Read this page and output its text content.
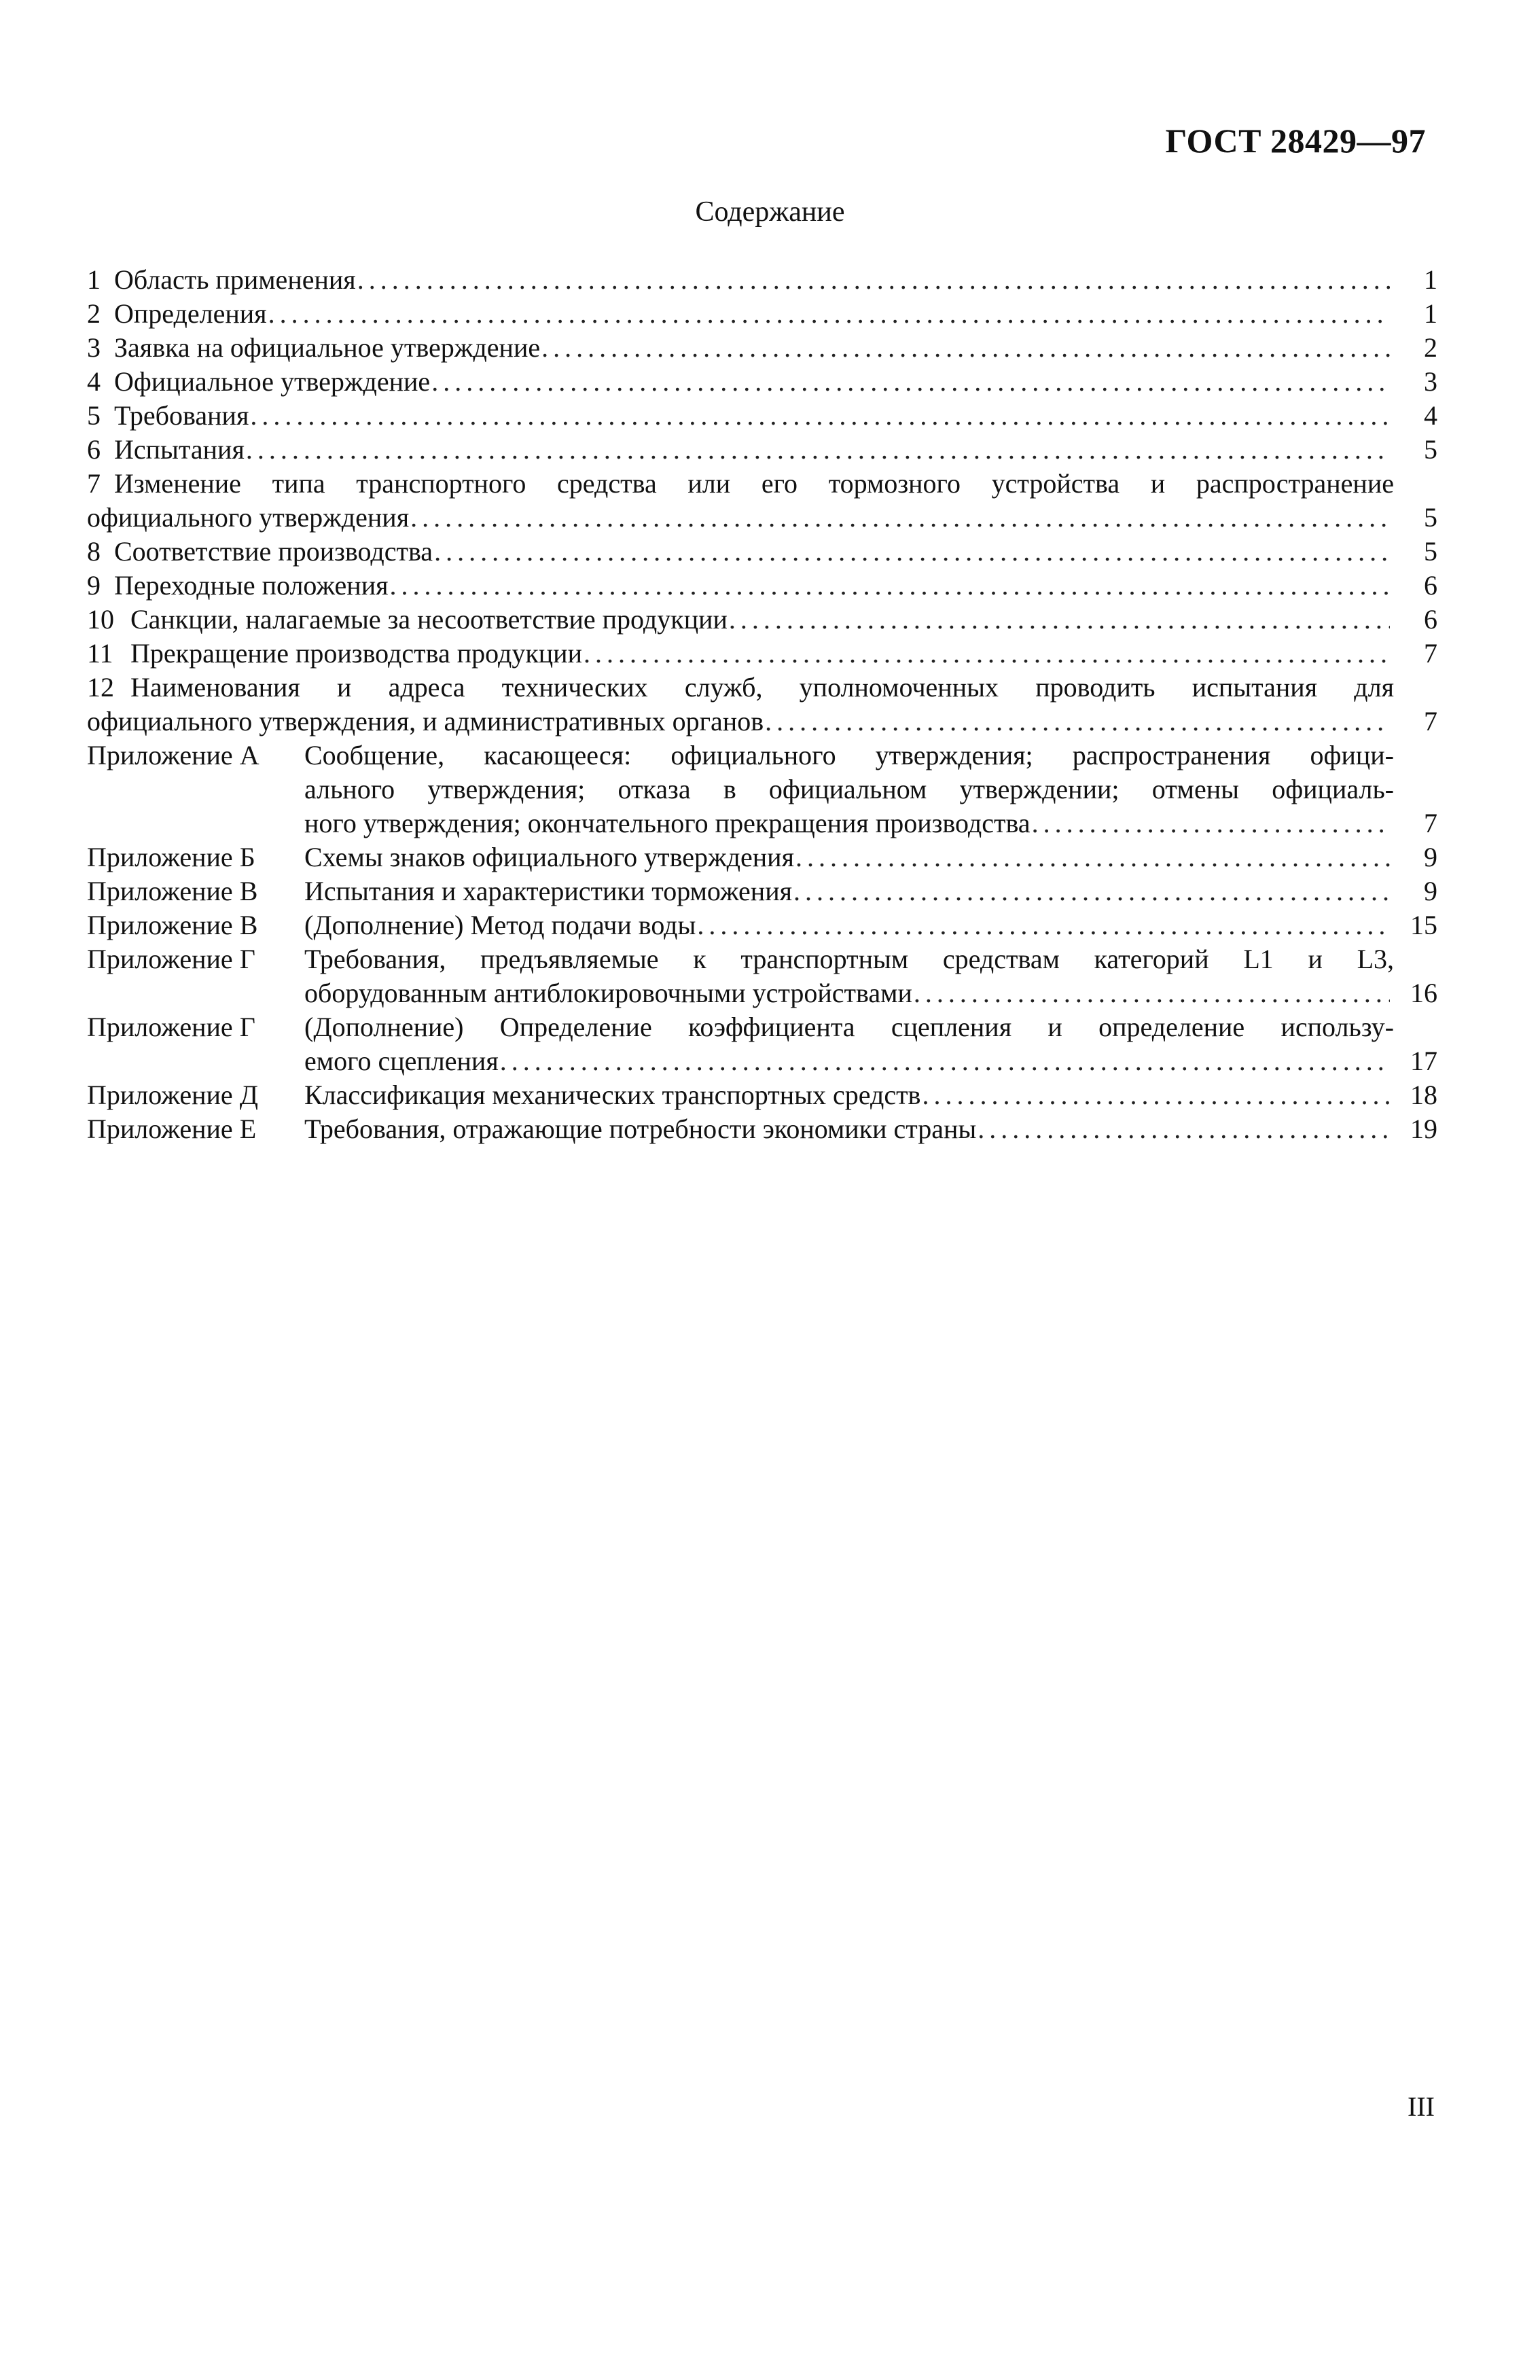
ГОСТ 28429—97
Содержание
1 Область применения .....	1
2 Определения .....	1
3 Заявка на официальное утверждение .....	2
4 Официальное утверждение .....	3
5 Требования .....	4
6 Испытания .....	5
7 Изменение типа транспортного средства или его тормозного устройства и распространение
официального утверждения .....	5
8 Соответствие производства .....	5
9 Переходные положения .....	6
10 Санкции, налагаемые за несоответствие продукции .....	6
11 Прекращение производства продукции .....	7
12 Наименования и адреса технических служб, уполномоченных проводить испытания для
официального утверждения, и административных органов .....	7
Приложение А	Сообщение, касающееся: официального утверждения; распространения офици-
ального утверждения; отказа в официальном утверждении; отмены официаль-
ного утверждения; окончательного прекращения производства .....	7
Приложение Б	Схемы знаков официального утверждения .....	9
Приложение В	Испытания и характеристики торможения .....	9
Приложение В	(Дополнение) Метод подачи воды .....	15
Приложение Г	Требования, предъявляемые к транспортным средствам категорий L1 и L3,
оборудованным антиблокировочными устройствами .....	16
Приложение Г	(Дополнение) Определение коэффициента сцепления и определение использу-
емого сцепления .....	17
Приложение Д	Классификация механических транспортных средств .....	18
Приложение Е	Требования, отражающие потребности экономики страны .....	19
III
